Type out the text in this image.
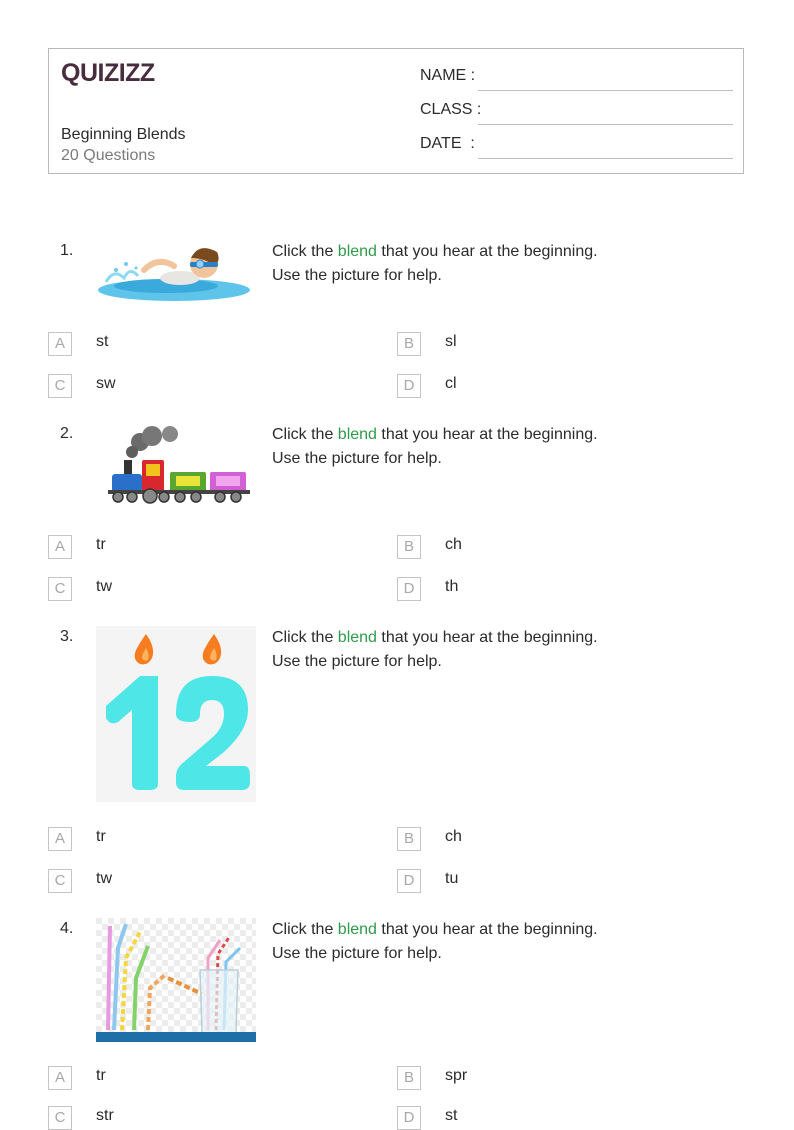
QUIZIZZ
Beginning Blends
20 Questions
NAME :
CLASS :
DATE  :
1.	Click the blend that you hear at the beginning.
Use the picture for help.
A	st	B	sl
C	sw	D	cl
2.	Click the blend that you hear at the beginning.
Use the picture for help.
A	tr	B	ch
C	tw	D	th
3.	Click the blend that you hear at the beginning.
Use the picture for help.
A	tr	B	ch
C	tw	D	tu
4.	Click the blend that you hear at the beginning.
Use the picture for help.
A	tr	B	spr
C	str	D	st
